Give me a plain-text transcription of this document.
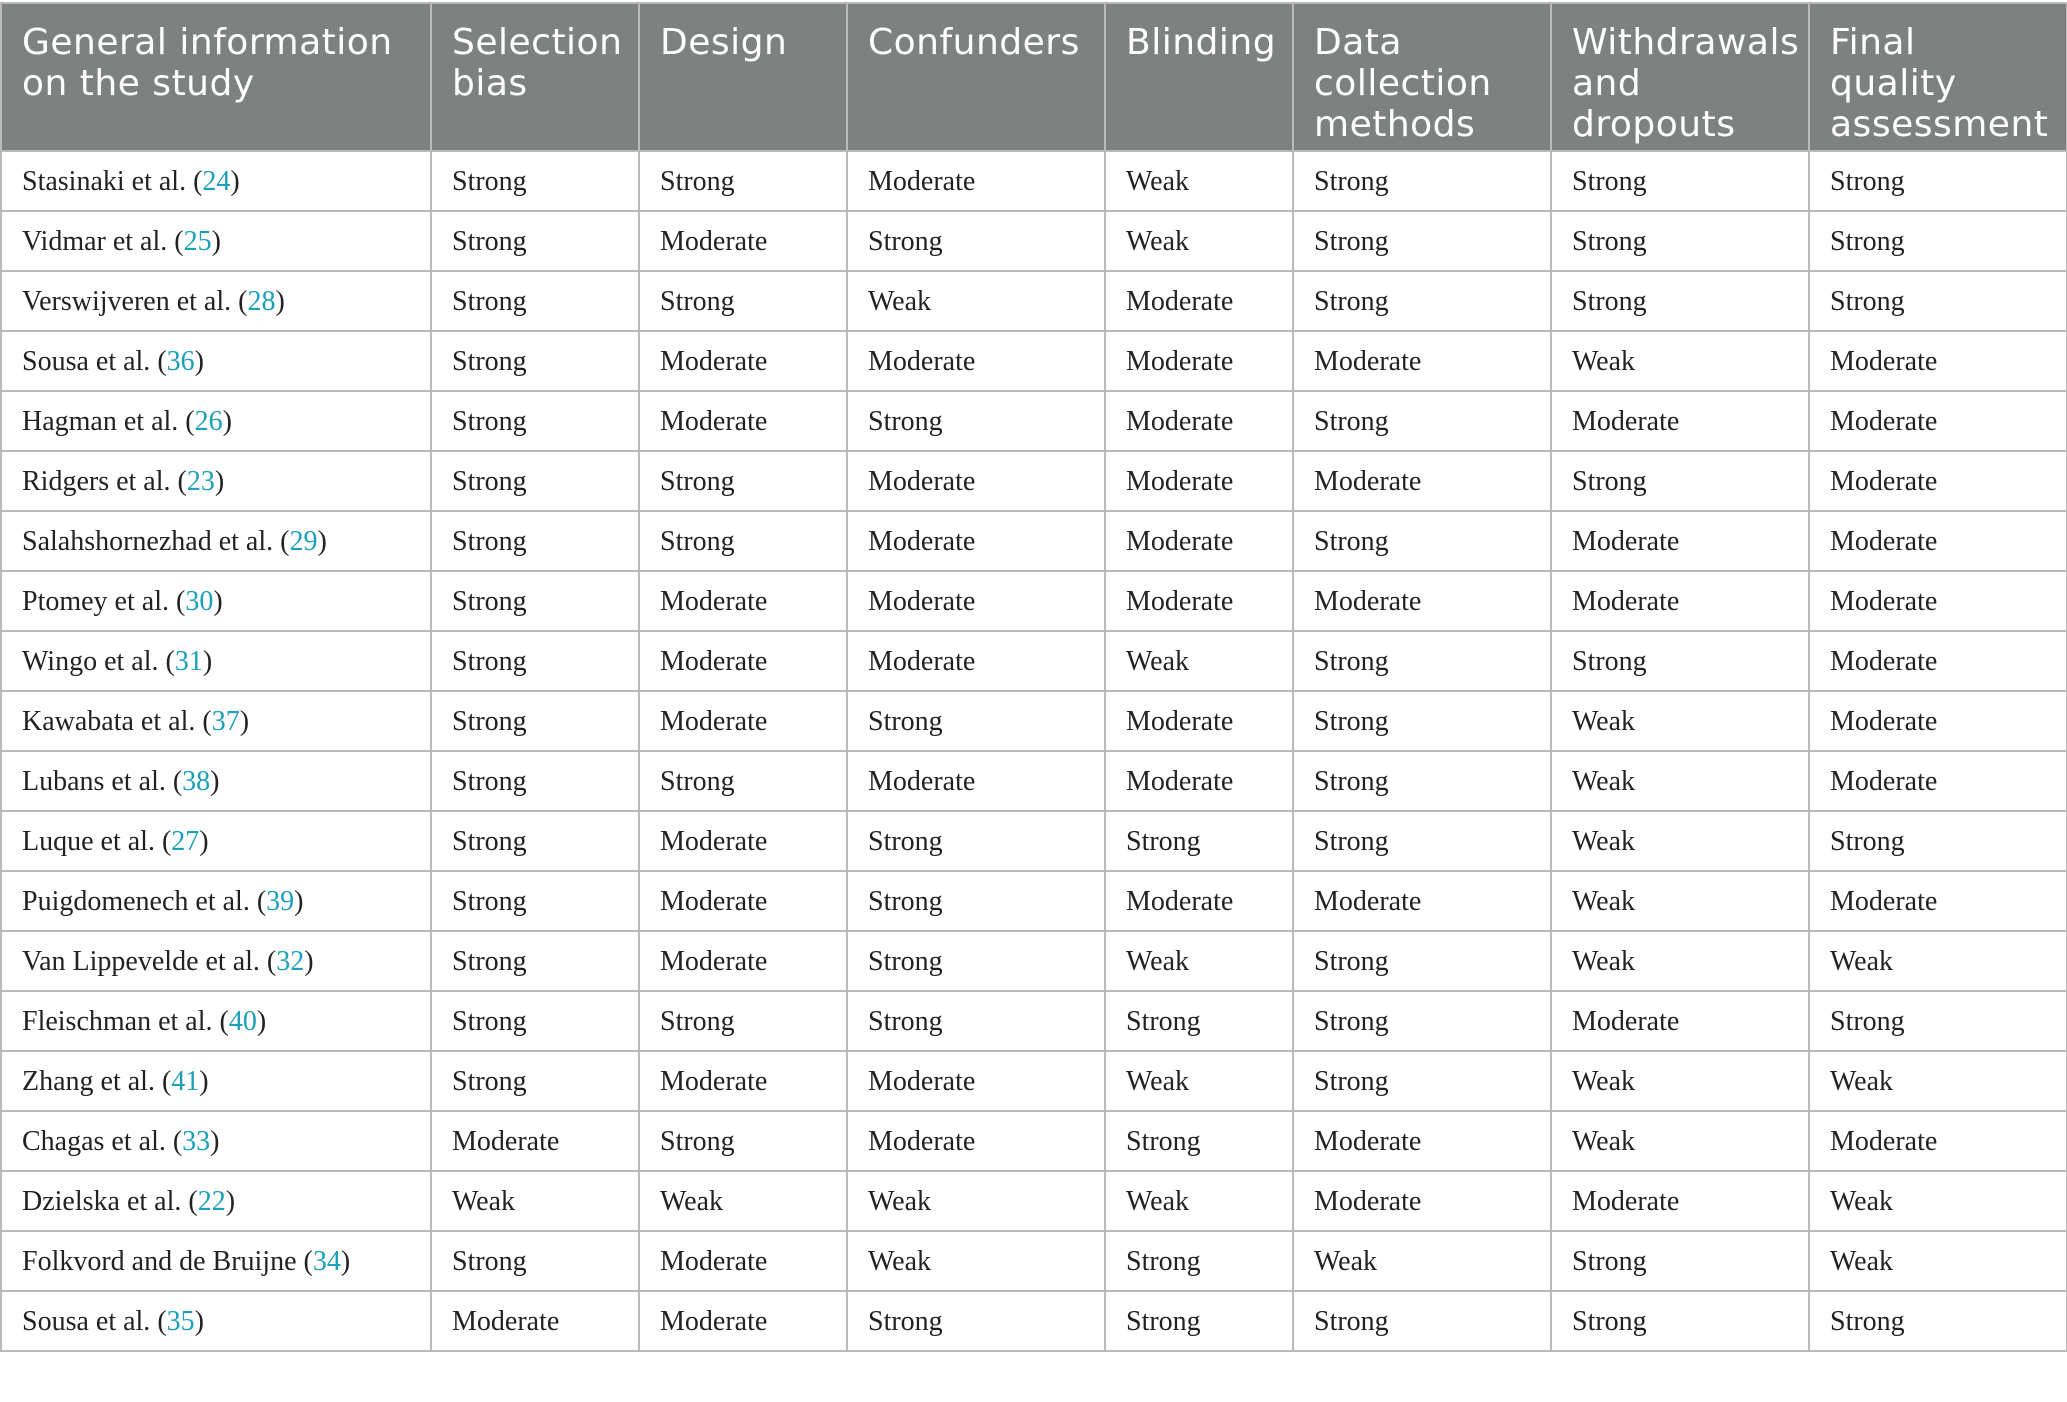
General information on the study	Selection bias	Design	Confunders	Blinding	Data collection methods	Withdrawals and dropouts	Final quality assessment
Stasinaki et al. (24)	Strong	Strong	Moderate	Weak	Strong	Strong	Strong
Vidmar et al. (25)	Strong	Moderate	Strong	Weak	Strong	Strong	Strong
Verswijveren et al. (28)	Strong	Strong	Weak	Moderate	Strong	Strong	Strong
Sousa et al. (36)	Strong	Moderate	Moderate	Moderate	Moderate	Weak	Moderate
Hagman et al. (26)	Strong	Moderate	Strong	Moderate	Strong	Moderate	Moderate
Ridgers et al. (23)	Strong	Strong	Moderate	Moderate	Moderate	Strong	Moderate
Salahshornezhad et al. (29)	Strong	Strong	Moderate	Moderate	Strong	Moderate	Moderate
Ptomey et al. (30)	Strong	Moderate	Moderate	Moderate	Moderate	Moderate	Moderate
Wingo et al. (31)	Strong	Moderate	Moderate	Weak	Strong	Strong	Moderate
Kawabata et al. (37)	Strong	Moderate	Strong	Moderate	Strong	Weak	Moderate
Lubans et al. (38)	Strong	Strong	Moderate	Moderate	Strong	Weak	Moderate
Luque et al. (27)	Strong	Moderate	Strong	Strong	Strong	Weak	Strong
Puigdomenech et al. (39)	Strong	Moderate	Strong	Moderate	Moderate	Weak	Moderate
Van Lippevelde et al. (32)	Strong	Moderate	Strong	Weak	Strong	Weak	Weak
Fleischman et al. (40)	Strong	Strong	Strong	Strong	Strong	Moderate	Strong
Zhang et al. (41)	Strong	Moderate	Moderate	Weak	Strong	Weak	Weak
Chagas et al. (33)	Moderate	Strong	Moderate	Strong	Moderate	Weak	Moderate
Dzielska et al. (22)	Weak	Weak	Weak	Weak	Moderate	Moderate	Weak
Folkvord and de Bruijne (34)	Strong	Moderate	Weak	Strong	Weak	Strong	Weak
Sousa et al. (35)	Moderate	Moderate	Strong	Strong	Strong	Strong	Strong
